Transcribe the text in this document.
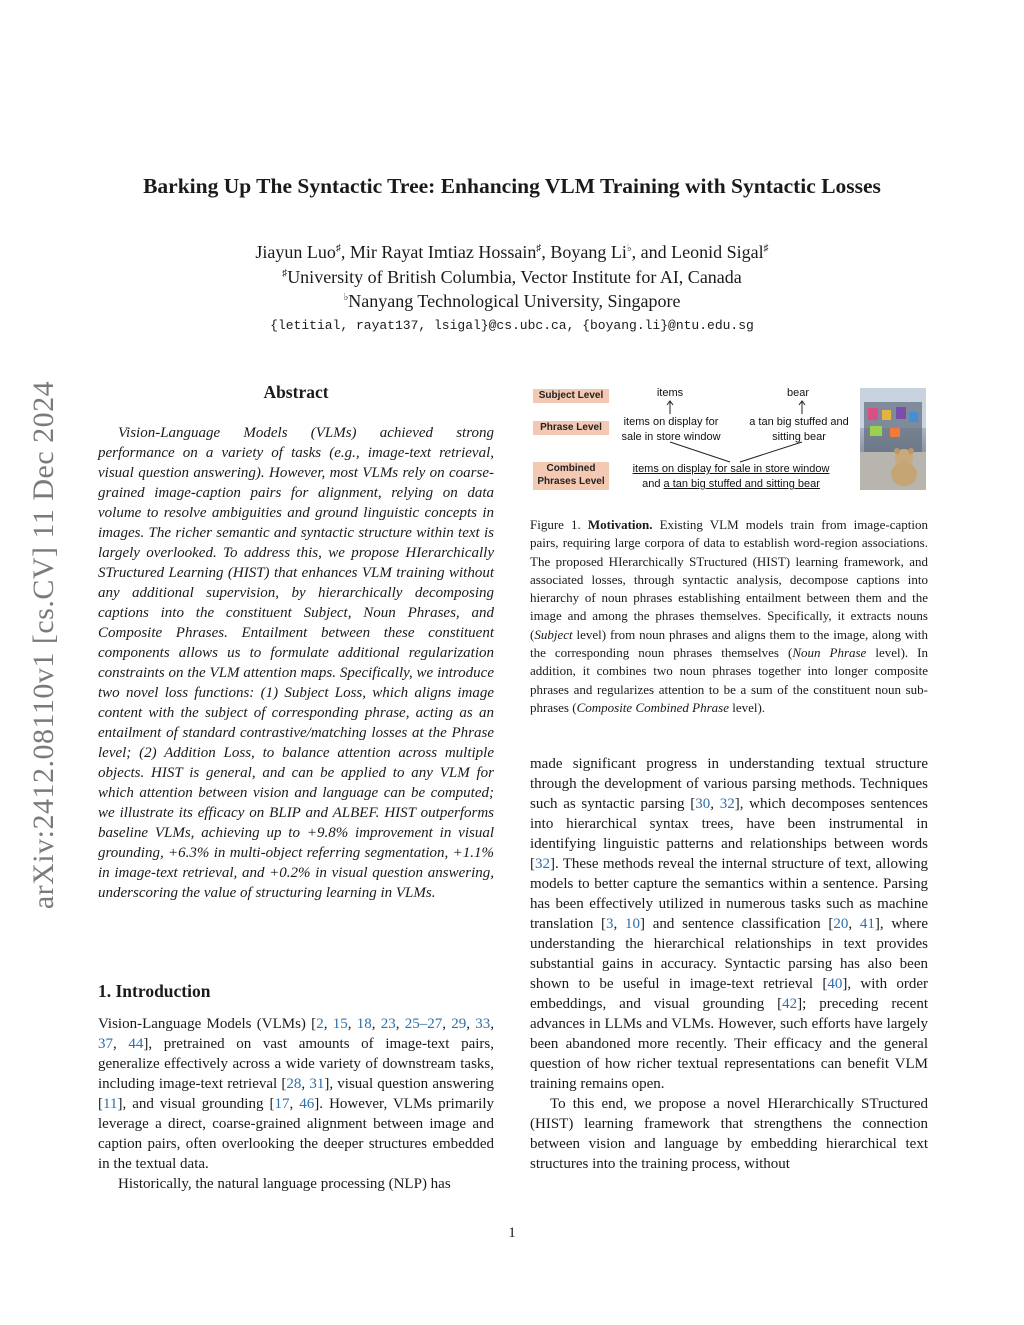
arXiv:2412.08110v1 [cs.CV] 11 Dec 2024
Barking Up The Syntactic Tree: Enhancing VLM Training with Syntactic Losses
Jiayun Luo♯, Mir Rayat Imtiaz Hossain♯, Boyang Li♭, and Leonid Sigal♯
♯University of British Columbia, Vector Institute for AI, Canada
♭Nanyang Technological University, Singapore
{letitial, rayat137, lsigal}@cs.ubc.ca, {boyang.li}@ntu.edu.sg
Abstract
Vision-Language Models (VLMs) achieved strong performance on a variety of tasks (e.g., image-text retrieval, visual question answering). However, most VLMs rely on coarse-grained image-caption pairs for alignment, relying on data volume to resolve ambiguities and ground linguistic concepts in images. The richer semantic and syntactic structure within text is largely overlooked. To address this, we propose HIerarchically STructured Learning (HIST) that enhances VLM training without any additional supervision, by hierarchically decomposing captions into the constituent Subject, Noun Phrases, and Composite Phrases. Entailment between these constituent components allows us to formulate additional regularization constraints on the VLM attention maps. Specifically, we introduce two novel loss functions: (1) Subject Loss, which aligns image content with the subject of corresponding phrase, acting as an entailment of standard contrastive/matching losses at the Phrase level; (2) Addition Loss, to balance attention across multiple objects. HIST is general, and can be applied to any VLM for which attention between vision and language can be computed; we illustrate its efficacy on BLIP and ALBEF. HIST outperforms baseline VLMs, achieving up to +9.8% improvement in visual grounding, +6.3% in multi-object referring segmentation, +1.1% in image-text retrieval, and +0.2% in visual question answering, underscoring the value of structuring learning in VLMs.
1. Introduction

Vision-Language Models (VLMs) [2, 15, 18, 23, 25–27, 29, 33, 37, 44], pretrained on vast amounts of image-text pairs, generalize effectively across a wide variety of downstream tasks, including image-text retrieval [28, 31], visual question answering [11], and visual grounding [17, 46]. However, VLMs primarily leverage a direct, coarse-grained alignment between image and caption pairs, often overlooking the deeper structures embedded in the textual data.

Historically, the natural language processing (NLP) has

Subject Level
Phrase Level
Combined Phrases Level
items	bear
items on display for sale in store window
a tan big stuffed and sitting bear
items on display for sale in store window
and a tan big stuffed and sitting bear
Figure 1. Motivation. Existing VLM models train from image-caption pairs, requiring large corpora of data to establish word-region associations. The proposed HIerarchically STructured (HIST) learning framework, and associated losses, through syntactic analysis, decompose captions into hierarchy of noun phrases establishing entailment between them and the image and among the phrases themselves. Specifically, it extracts nouns (Subject level) from noun phrases and aligns them to the image, along with the corresponding noun phrases themselves (Noun Phrase level). In addition, it combines two noun phrases together into longer composite phrases and regularizes attention to be a sum of the constituent noun sub-phrases (Composite Combined Phrase level).

made significant progress in understanding textual structure through the development of various parsing methods. Techniques such as syntactic parsing [30, 32], which decomposes sentences into hierarchical syntax trees, have been instrumental in identifying linguistic patterns and relationships between words [32]. These methods reveal the internal structure of text, allowing models to better capture the semantics within a sentence. Parsing has been effectively utilized in numerous tasks such as machine translation [3, 10] and sentence classification [20, 41], where understanding the hierarchical relationships in text provides substantial gains in accuracy. Syntactic parsing has also been shown to be useful in image-text retrieval [40], with order embeddings, and visual grounding [42]; preceding recent advances in LLMs and VLMs. However, such efforts have largely been abandoned more recently. Their efficacy and the general question of how richer textual representations can benefit VLM training remains open.

To this end, we propose a novel HIerarchically STructured (HIST) learning framework that strengthens the connection between vision and language by embedding hierarchical text structures into the training process, without

1
